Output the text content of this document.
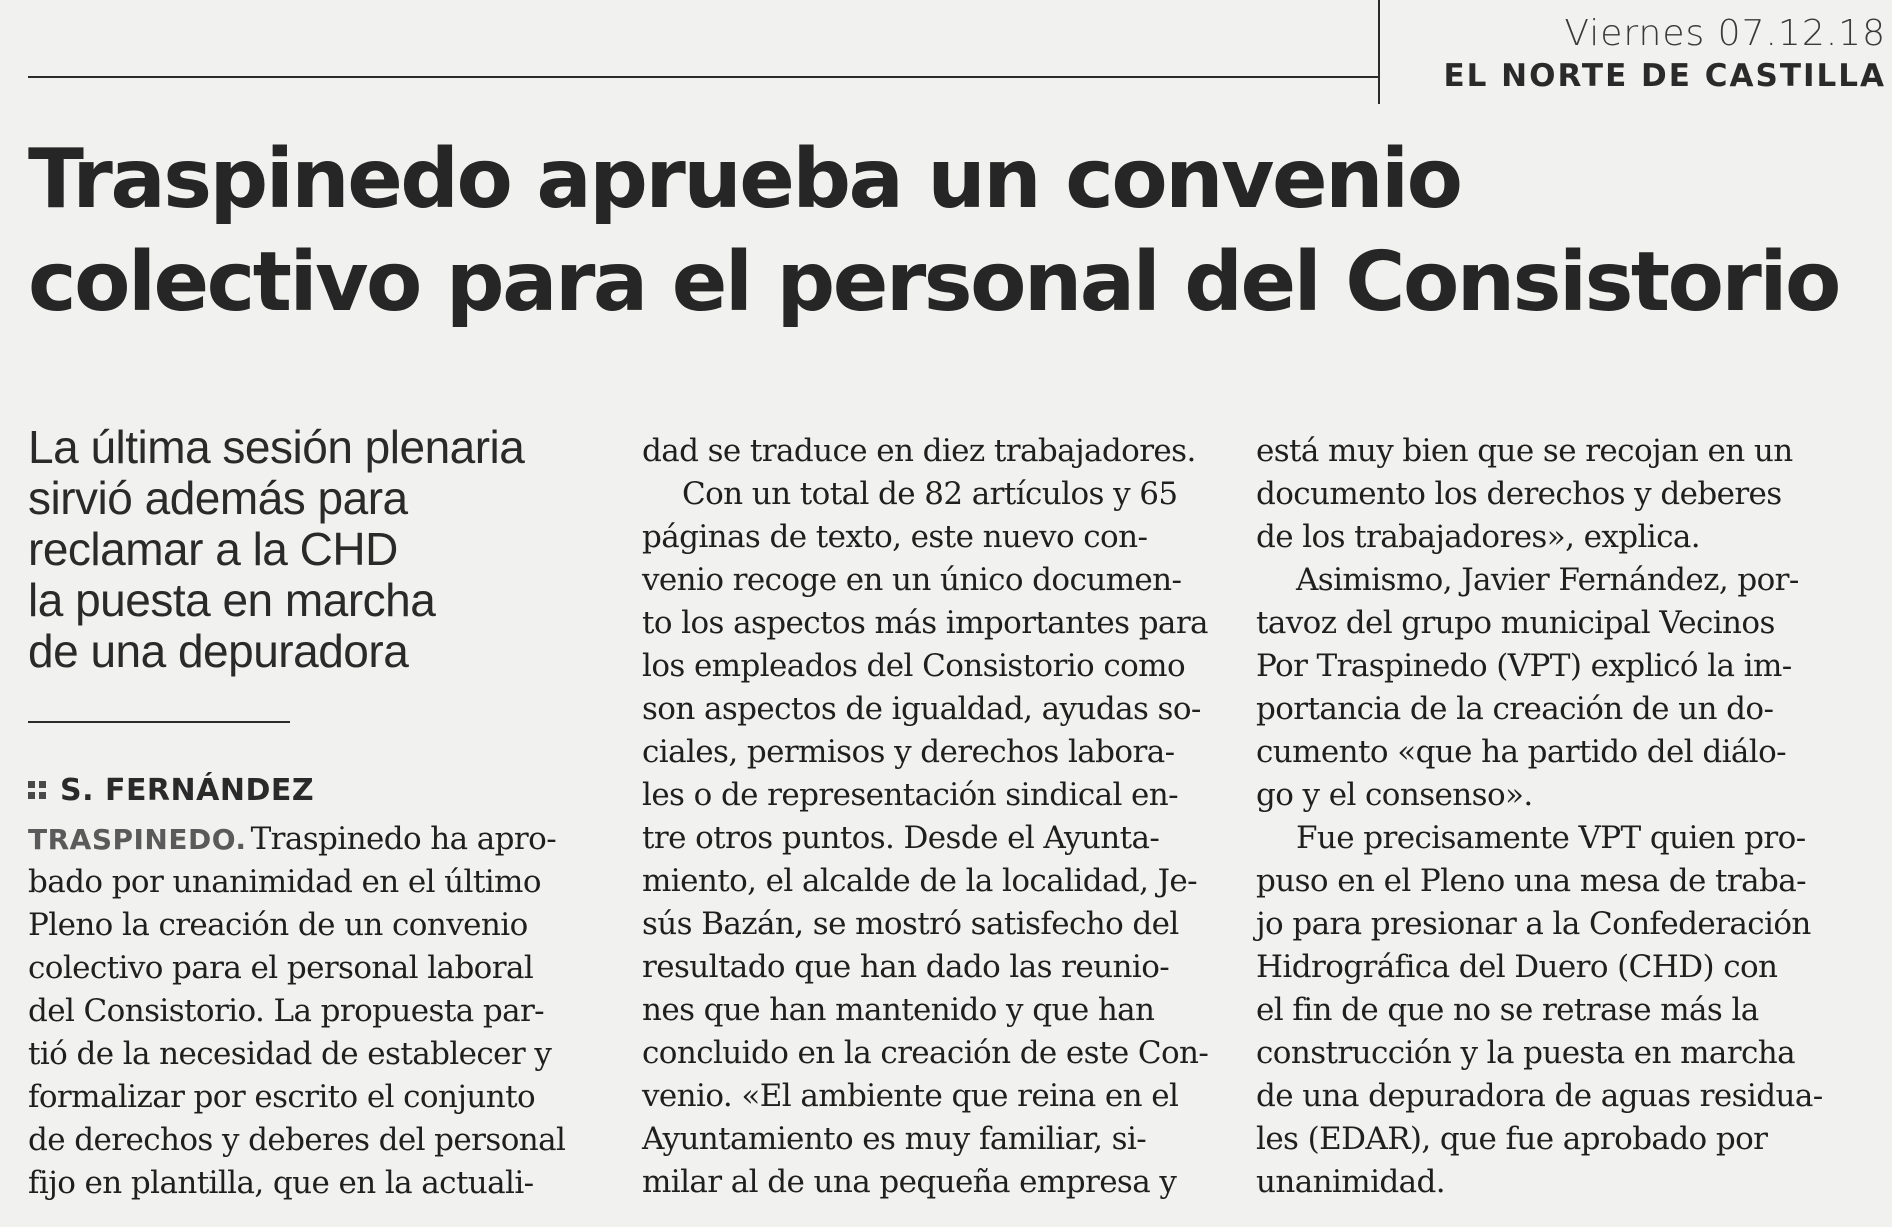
Viernes 07.12.18
EL NORTE DE CASTILLA
Traspinedo aprueba un convenio
colectivo para el personal del Consistorio
La última sesión plenaria
sirvió además para
reclamar a la CHD
la puesta en marcha
de una depuradora
S. FERNÁNDEZ
TRASPINEDO. Traspinedo ha apro-
bado por unanimidad en el último
Pleno la creación de un convenio
colectivo para el personal laboral
del Consistorio. La propuesta par-
tió de la necesidad de establecer y
formalizar por escrito el conjunto
de derechos y deberes del personal
fijo en plantilla, que en la actuali-
dad se traduce en diez trabajadores.
Con un total de 82 artículos y 65
páginas de texto, este nuevo con-
venio recoge en un único documen-
to los aspectos más importantes para
los empleados del Consistorio como
son aspectos de igualdad, ayudas so-
ciales, permisos y derechos labora-
les o de representación sindical en-
tre otros puntos. Desde el Ayunta-
miento, el alcalde de la localidad, Je-
sús Bazán, se mostró satisfecho del
resultado que han dado las reunio-
nes que han mantenido y que han
concluido en la creación de este Con-
venio. «El ambiente que reina en el
Ayuntamiento es muy familiar, si-
milar al de una pequeña empresa y
está muy bien que se recojan en un
documento los derechos y deberes
de los trabajadores», explica.
Asimismo, Javier Fernández, por-
tavoz del grupo municipal Vecinos
Por Traspinedo (VPT) explicó la im-
portancia de la creación de un do-
cumento «que ha partido del diálo-
go y el consenso».
Fue precisamente VPT quien pro-
puso en el Pleno una mesa de traba-
jo para presionar a la Confederación
Hidrográfica del Duero (CHD) con
el fin de que no se retrase más la
construcción y la puesta en marcha
de una depuradora de aguas residua-
les (EDAR), que fue aprobado por
unanimidad.
